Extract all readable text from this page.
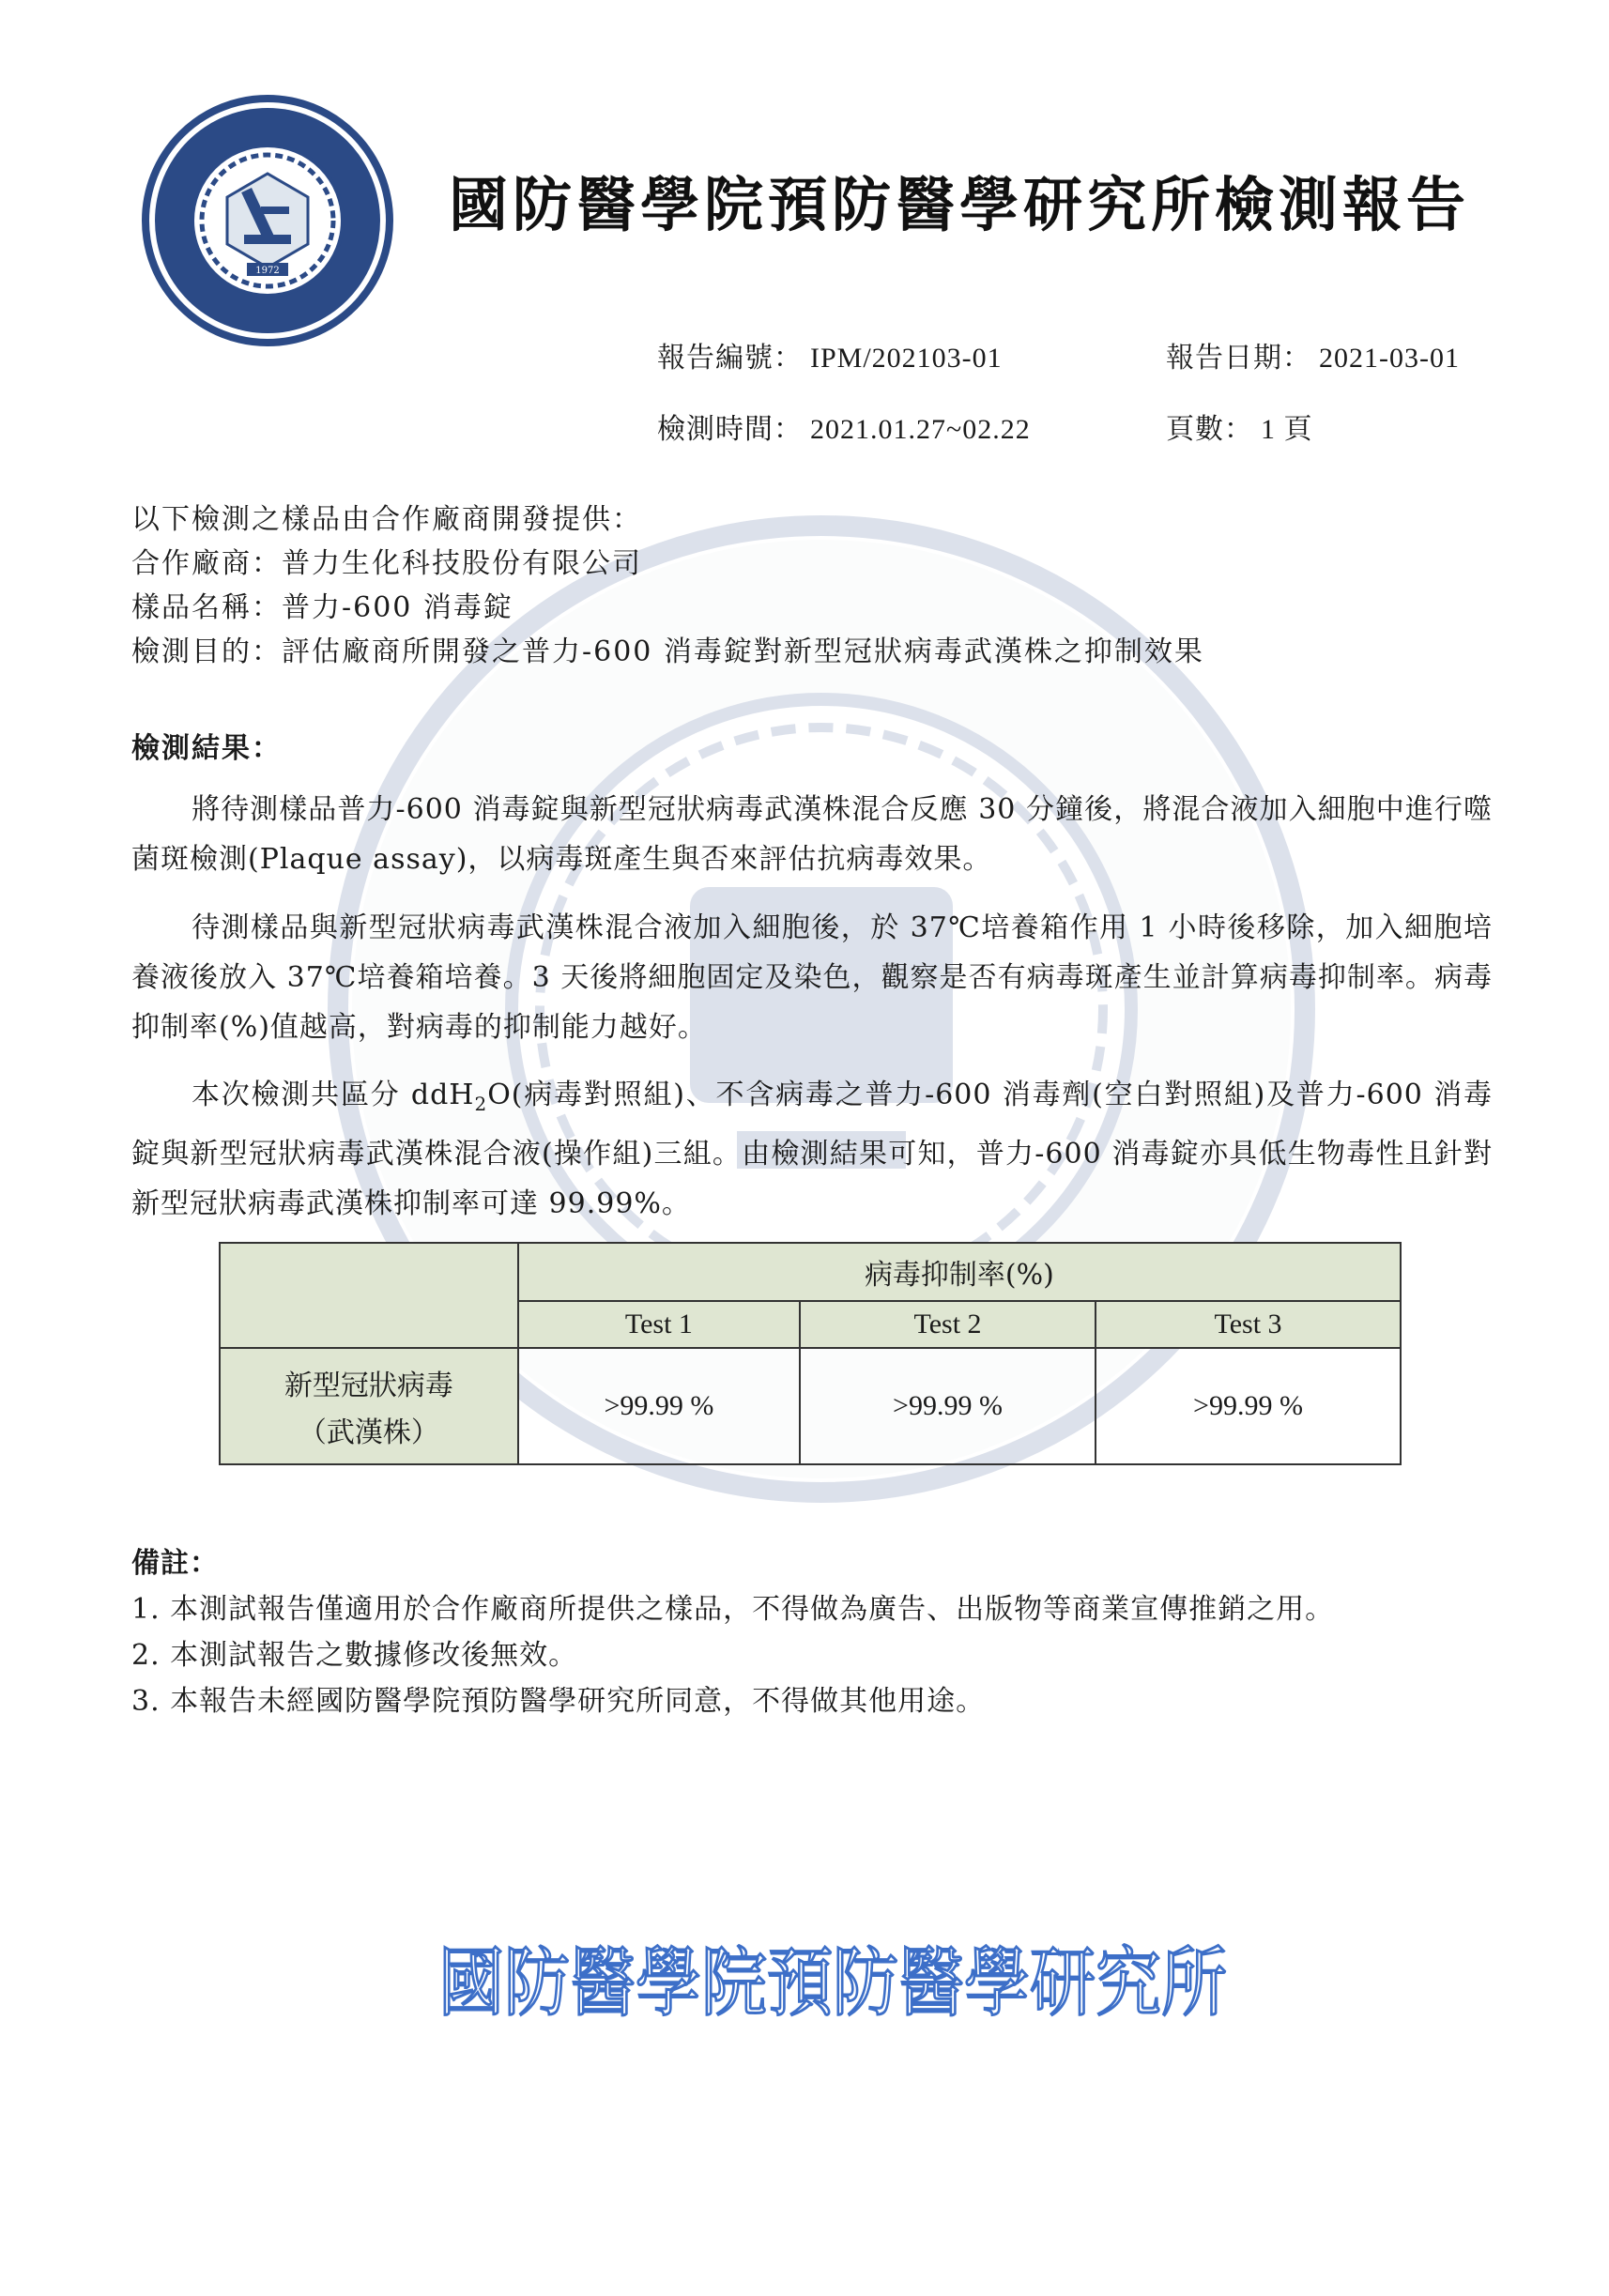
1972
國防醫學院預防醫學研究所檢測報告
報告編號： IPM/202103-01	報告日期： 2021-03-01
檢測時間： 2021.01.27~02.22	頁數： 1 頁
以下檢測之樣品由合作廠商開發提供：
合作廠商：普力生化科技股份有限公司
樣品名稱：普力-600 消毒錠
檢測目的：評估廠商所開發之普力-600 消毒錠對新型冠狀病毒武漢株之抑制效果
檢測結果：

將待測樣品普力-600 消毒錠與新型冠狀病毒武漢株混合反應 30 分鐘後，將混合液加入細胞中進行噬菌斑檢測(Plaque assay)，以病毒斑產生與否來評估抗病毒效果。

待測樣品與新型冠狀病毒武漢株混合液加入細胞後，於 37℃培養箱作用 1 小時後移除，加入細胞培養液後放入 37℃培養箱培養。3 天後將細胞固定及染色，觀察是否有病毒斑產生並計算病毒抑制率。病毒抑制率(%)值越高，對病毒的抑制能力越好。

本次檢測共區分 ddH$_2$O(病毒對照組)、不含病毒之普力-600 消毒劑(空白對照組)及普力-600 消毒錠與新型冠狀病毒武漢株混合液(操作組)三組。由檢測結果可知，普力-600 消毒錠亦具低生物毒性且針對新型冠狀病毒武漢株抑制率可達 99.99%。

	病毒抑制率(%)		
	Test 1	Test 2	Test 3

新型冠狀病毒
（武漢株）	>99.99 %	>99.99 %	>99.99 %
備註：
1. 本測試報告僅適用於合作廠商所提供之樣品，不得做為廣告、出版物等商業宣傳推銷之用。
2. 本測試報告之數據修改後無效。
3. 本報告未經國防醫學院預防醫學研究所同意，不得做其他用途。
國防醫學院預防醫學研究所
